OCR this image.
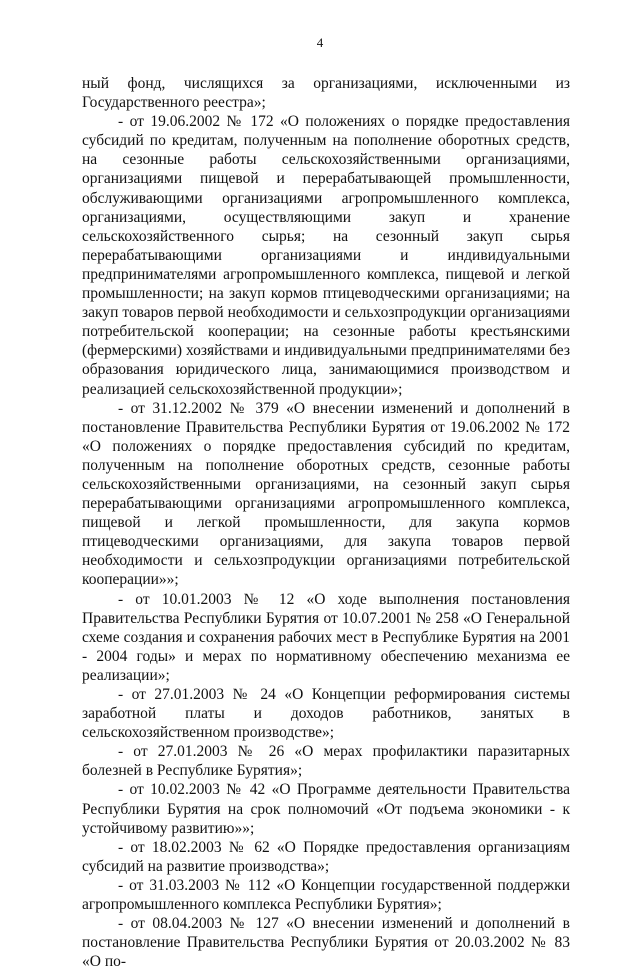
4

ный фонд, числящихся за организациями, исключенными из Государственного реестра»;

- от 19.06.2002 № 172 «О положениях о порядке предоставления субсидий по кредитам, полученным на пополнение оборотных средств, на сезонные работы сельскохозяйственными организациями, организациями пищевой и перерабатывающей промышленности, обслуживающими организациями агропромышленного комплекса, организациями, осуществляющими закуп и хранение сельскохозяйственного сырья; на сезонный закуп сырья перерабатывающими организациями и индивидуальными предпринимателями агропромышленного комплекса, пищевой и легкой промышленности; на закуп кормов птицеводческими организациями; на закуп товаров первой необходимости и сельхозпродукции организациями потребительской кооперации; на сезонные работы крестьянскими (фермерскими) хозяйствами и индивидуальными предпринимателями без образования юридического лица, занимающимися производством и реализацией сельскохозяйственной продукции»;

- от 31.12.2002 № 379 «О внесении изменений и дополнений в постановление Правительства Республики Бурятия от 19.06.2002 № 172 «О положениях о порядке предоставления субсидий по кредитам, полученным на пополнение оборотных средств, сезонные работы сельскохозяйственными организациями, на сезонный закуп сырья перерабатывающими организациями агропромышленного комплекса, пищевой и легкой промышленности, для закупа кормов птицеводческими организациями, для закупа товаров первой необходимости и сельхозпродукции организациями потребительской кооперации»»;

- от 10.01.2003 № 12 «О ходе выполнения постановления Правительства Республики Бурятия от 10.07.2001 № 258 «О Генеральной схеме создания и сохранения рабочих мест в Республике Бурятия на 2001 - 2004 годы» и мерах по нормативному обеспечению механизма ее реализации»;

- от 27.01.2003 № 24 «О Концепции реформирования системы заработной платы и доходов работников, занятых в сельскохозяйственном производстве»;

- от 27.01.2003 № 26 «О мерах профилактики паразитарных болезней в Республике Бурятия»;

- от 10.02.2003 № 42 «О Программе деятельности Правительства Республики Бурятия на срок полномочий «От подъема экономики - к устойчивому развитию»»;

- от 18.02.2003 № 62 «О Порядке предоставления организациям субсидий на развитие производства»;

- от 31.03.2003 № 112 «О Концепции государственной поддержки агропромышленного комплекса Республики Бурятия»;

- от 08.04.2003 № 127 «О внесении изменений и дополнений в постановление Правительства Республики Бурятия от 20.03.2002 № 83 «О по-
